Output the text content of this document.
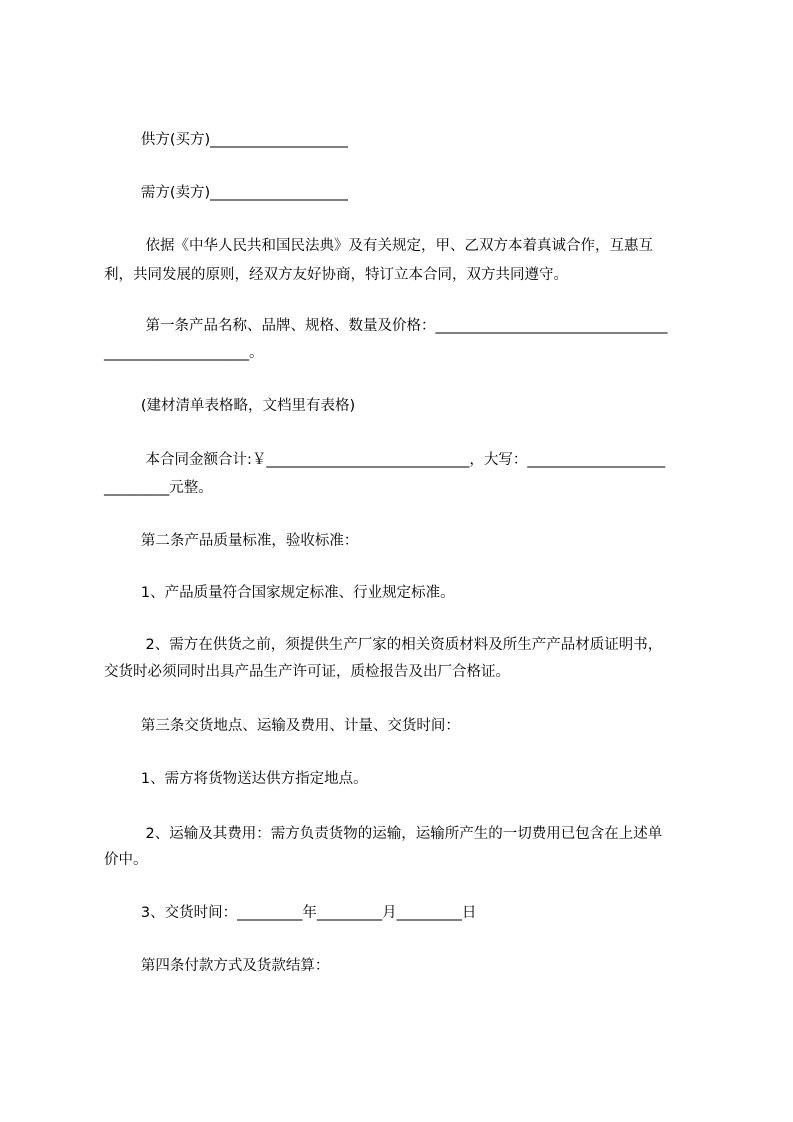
供方(买方)___________________
需方(卖方)___________________
依据《中华人民共和国民法典》及有关规定，甲、乙双方本着真诚合作，互惠互
利，共同发展的原则，经双方友好协商，特订立本合同，双方共同遵守。
第一条产品名称、品牌、规格、数量及价格：________________________________
____________________。
(建材清单表格略，文档里有表格)
本合同金额合计:￥____________________________，大写：___________________
_________元整。
第二条产品质量标准，验收标准：
1、产品质量符合国家规定标准、行业规定标准。
2、需方在供货之前，须提供生产厂家的相关资质材料及所生产产品材质证明书，
交货时必须同时出具产品生产许可证，质检报告及出厂合格证。
第三条交货地点、运输及费用、计量、交货时间：
1、需方将货物送达供方指定地点。
2、运输及其费用：需方负责货物的运输，运输所产生的一切费用已包含在上述单
价中。
3、交货时间：_________年_________月_________日
第四条付款方式及货款结算：
